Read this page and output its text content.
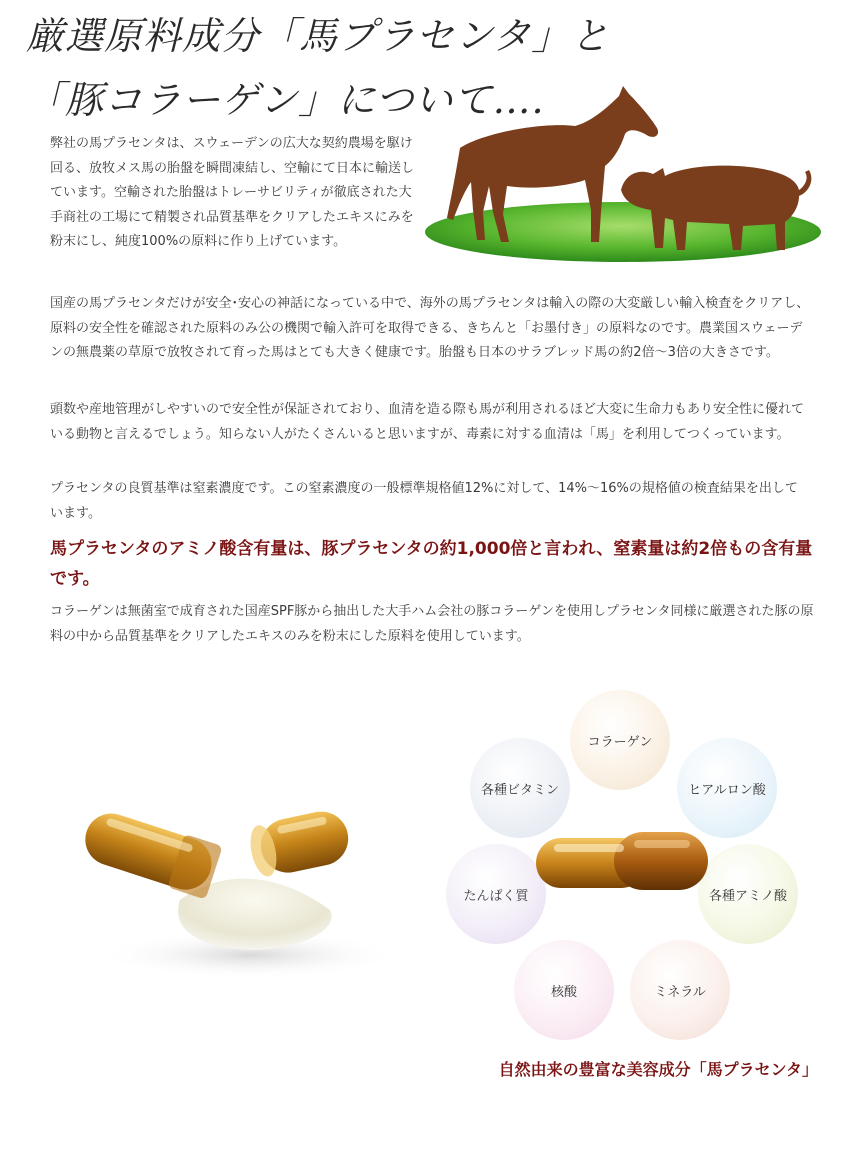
厳選原料成分「馬プラセンタ」と
「豚コラーゲン」について….

弊社の馬プラセンタは、スウェーデンの広大な契約農場を駆け回る、放牧メス馬の胎盤を瞬間凍結し、空輸にて日本に輸送しています。空輸された胎盤はトレーサビリティが徹底された大手商社の工場にて精製され品質基準をクリアしたエキスにみを粉末にし、純度100%の原料に作り上げています。

国産の馬プラセンタだけが安全･安心の神話になっている中で、海外の馬プラセンタは輸入の際の大変厳しい輸入検査をクリアし、原料の安全性を確認された原料のみ公の機関で輸入許可を取得できる、きちんと「お墨付き」の原料なのです。農業国スウェーデンの無農薬の草原で放牧されて育った馬はとても大きく健康です。胎盤も日本のサラブレッド馬の約2倍～3倍の大きさです。

頭数や産地管理がしやすいので安全性が保証されており、血清を造る際も馬が利用されるほど大変に生命力もあり安全性に優れている動物と言えるでしょう。知らない人がたくさんいると思いますが、毒素に対する血清は「馬」を利用してつくっています。

プラセンタの良質基準は窒素濃度です。この窒素濃度の一般標準規格値12%に対して、14%～16%の規格値の検査結果を出しています。

馬プラセンタのアミノ酸含有量は、豚プラセンタの約1,000倍と言われ、窒素量は約2倍もの含有量です。

コラーゲンは無菌室で成育された国産SPF豚から抽出した大手ハム会社の豚コラーゲンを使用しプラセンタ同様に厳選された豚の原料の中から品質基準をクリアしたエキスのみを粉末にした原料を使用しています。

コラーゲン
各種ビタミン	ヒアルロン酸
たんぱく質	各種アミノ酸
核酸	ミネラル

自然由来の豊富な美容成分「馬プラセンタ」
